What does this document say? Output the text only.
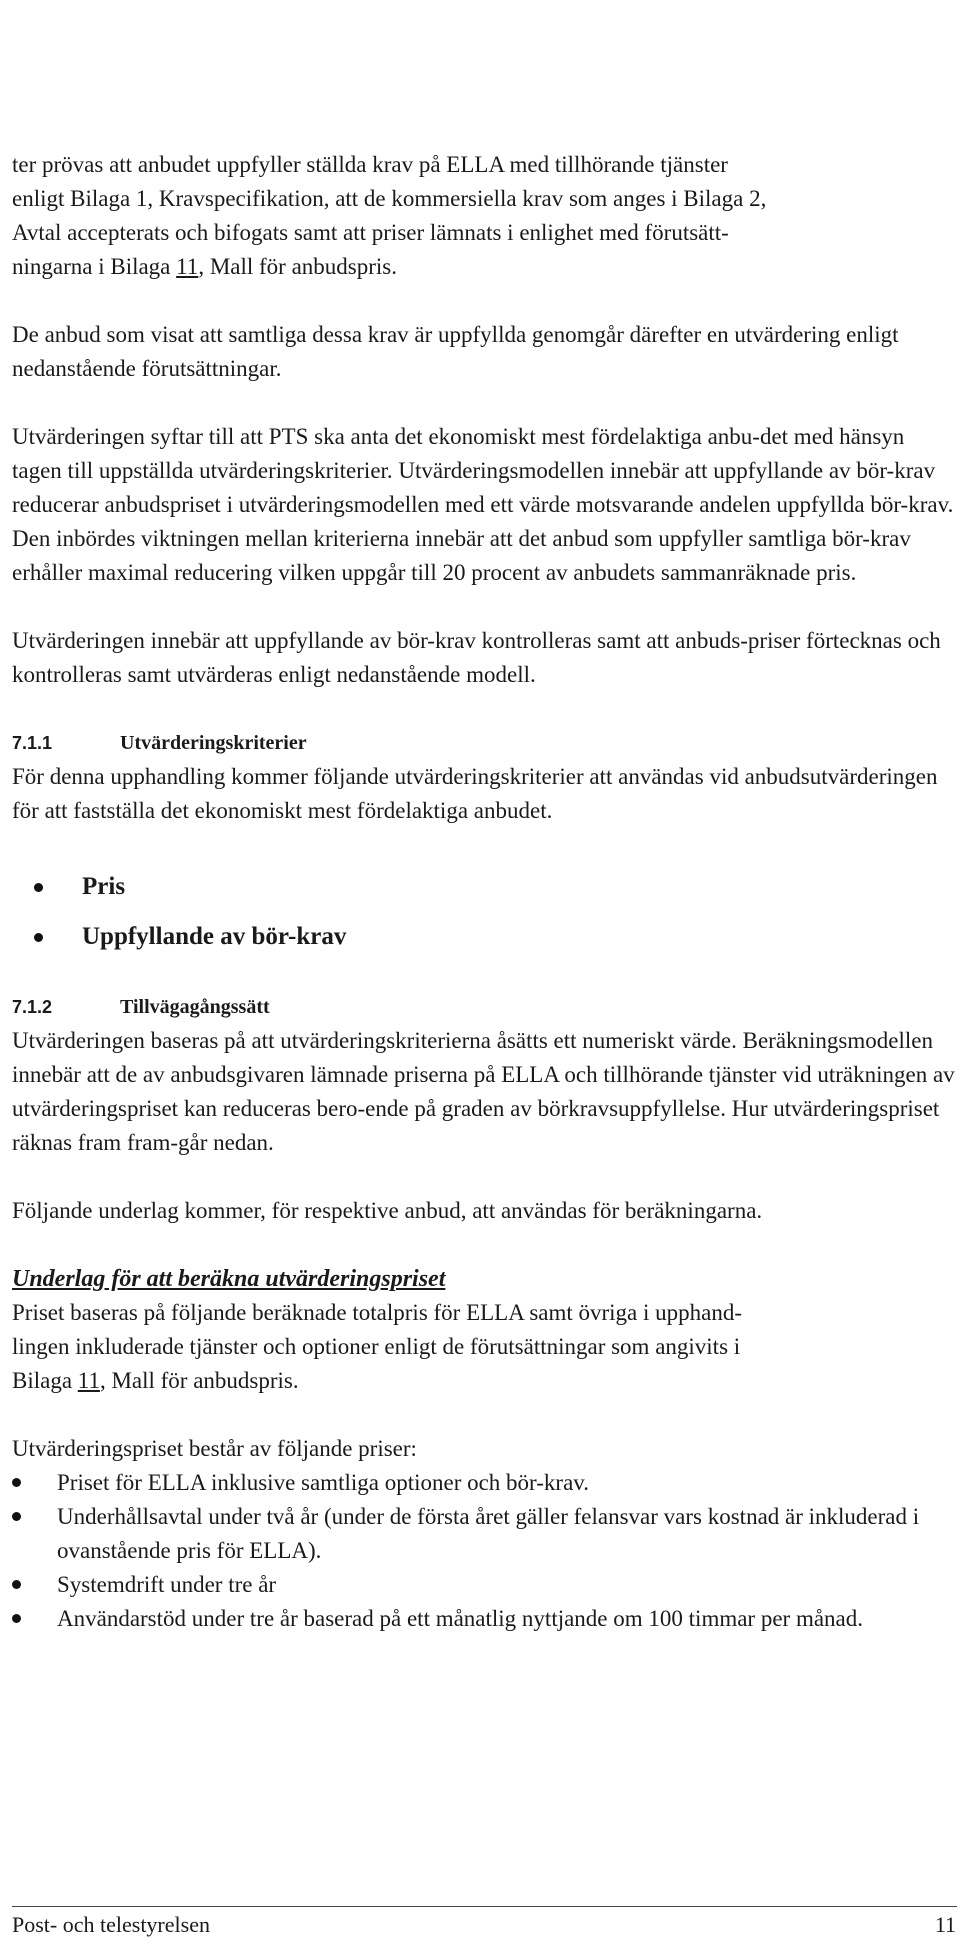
ter prövas att anbudet uppfyller ställda krav på ELLA med tillhörande tjänster
enligt Bilaga 1, Kravspecifikation, att de kommersiella krav som anges i Bilaga 2,
Avtal accepterats och bifogats samt att priser lämnats i enlighet med förutsätt-
ningarna i Bilaga 11, Mall för anbudspris.

De anbud som visat att samtliga dessa krav är uppfyllda genomgår därefter en utvärdering enligt nedanstående förutsättningar.

Utvärderingen syftar till att PTS ska anta det ekonomiskt mest fördelaktiga anbu-det med hänsyn tagen till uppställda utvärderingskriterier. Utvärderingsmodellen innebär att uppfyllande av bör-krav reducerar anbudspriset i utvärderingsmodellen med ett värde motsvarande andelen uppfyllda bör-krav. Den inbördes viktningen mellan kriterierna innebär att det anbud som uppfyller samtliga bör-krav erhåller maximal reducering vilken uppgår till 20 procent av anbudets sammanräknade pris.

Utvärderingen innebär att uppfyllande av bör-krav kontrolleras samt att anbuds-priser förtecknas och kontrolleras samt utvärderas enligt nedanstående modell.

7.1.1	Utvärderingskriterier

För denna upphandling kommer följande utvärderingskriterier att användas vid anbudsutvärderingen för att fastställa det ekonomiskt mest fördelaktiga anbudet.

Pris
Uppfyllande av bör-krav
7.1.2	Tillvägagångssätt

Utvärderingen baseras på att utvärderingskriterierna åsätts ett numeriskt värde. Beräkningsmodellen innebär att de av anbudsgivaren lämnade priserna på ELLA och tillhörande tjänster vid uträkningen av utvärderingspriset kan reduceras bero-ende på graden av börkravsuppfyllelse. Hur utvärderingspriset räknas fram fram-går nedan.

Följande underlag kommer, för respektive anbud, att användas för beräkningarna.

Underlag för att beräkna utvärderingspriset

Priset baseras på följande beräknade totalpris för ELLA samt övriga i upphand-
lingen inkluderade tjänster och optioner enligt de förutsättningar som angivits i
Bilaga 11, Mall för anbudspris.

Utvärderingspriset består av följande priser:

Priset för ELLA inklusive samtliga optioner och bör-krav.
Underhållsavtal under två år (under de första året gäller felansvar vars kostnad är inkluderad i ovanstående pris för ELLA).
Systemdrift under tre år
Användarstöd under tre år baserad på ett månatlig nyttjande om 100 timmar per månad.
Post- och telestyrelsen	11
